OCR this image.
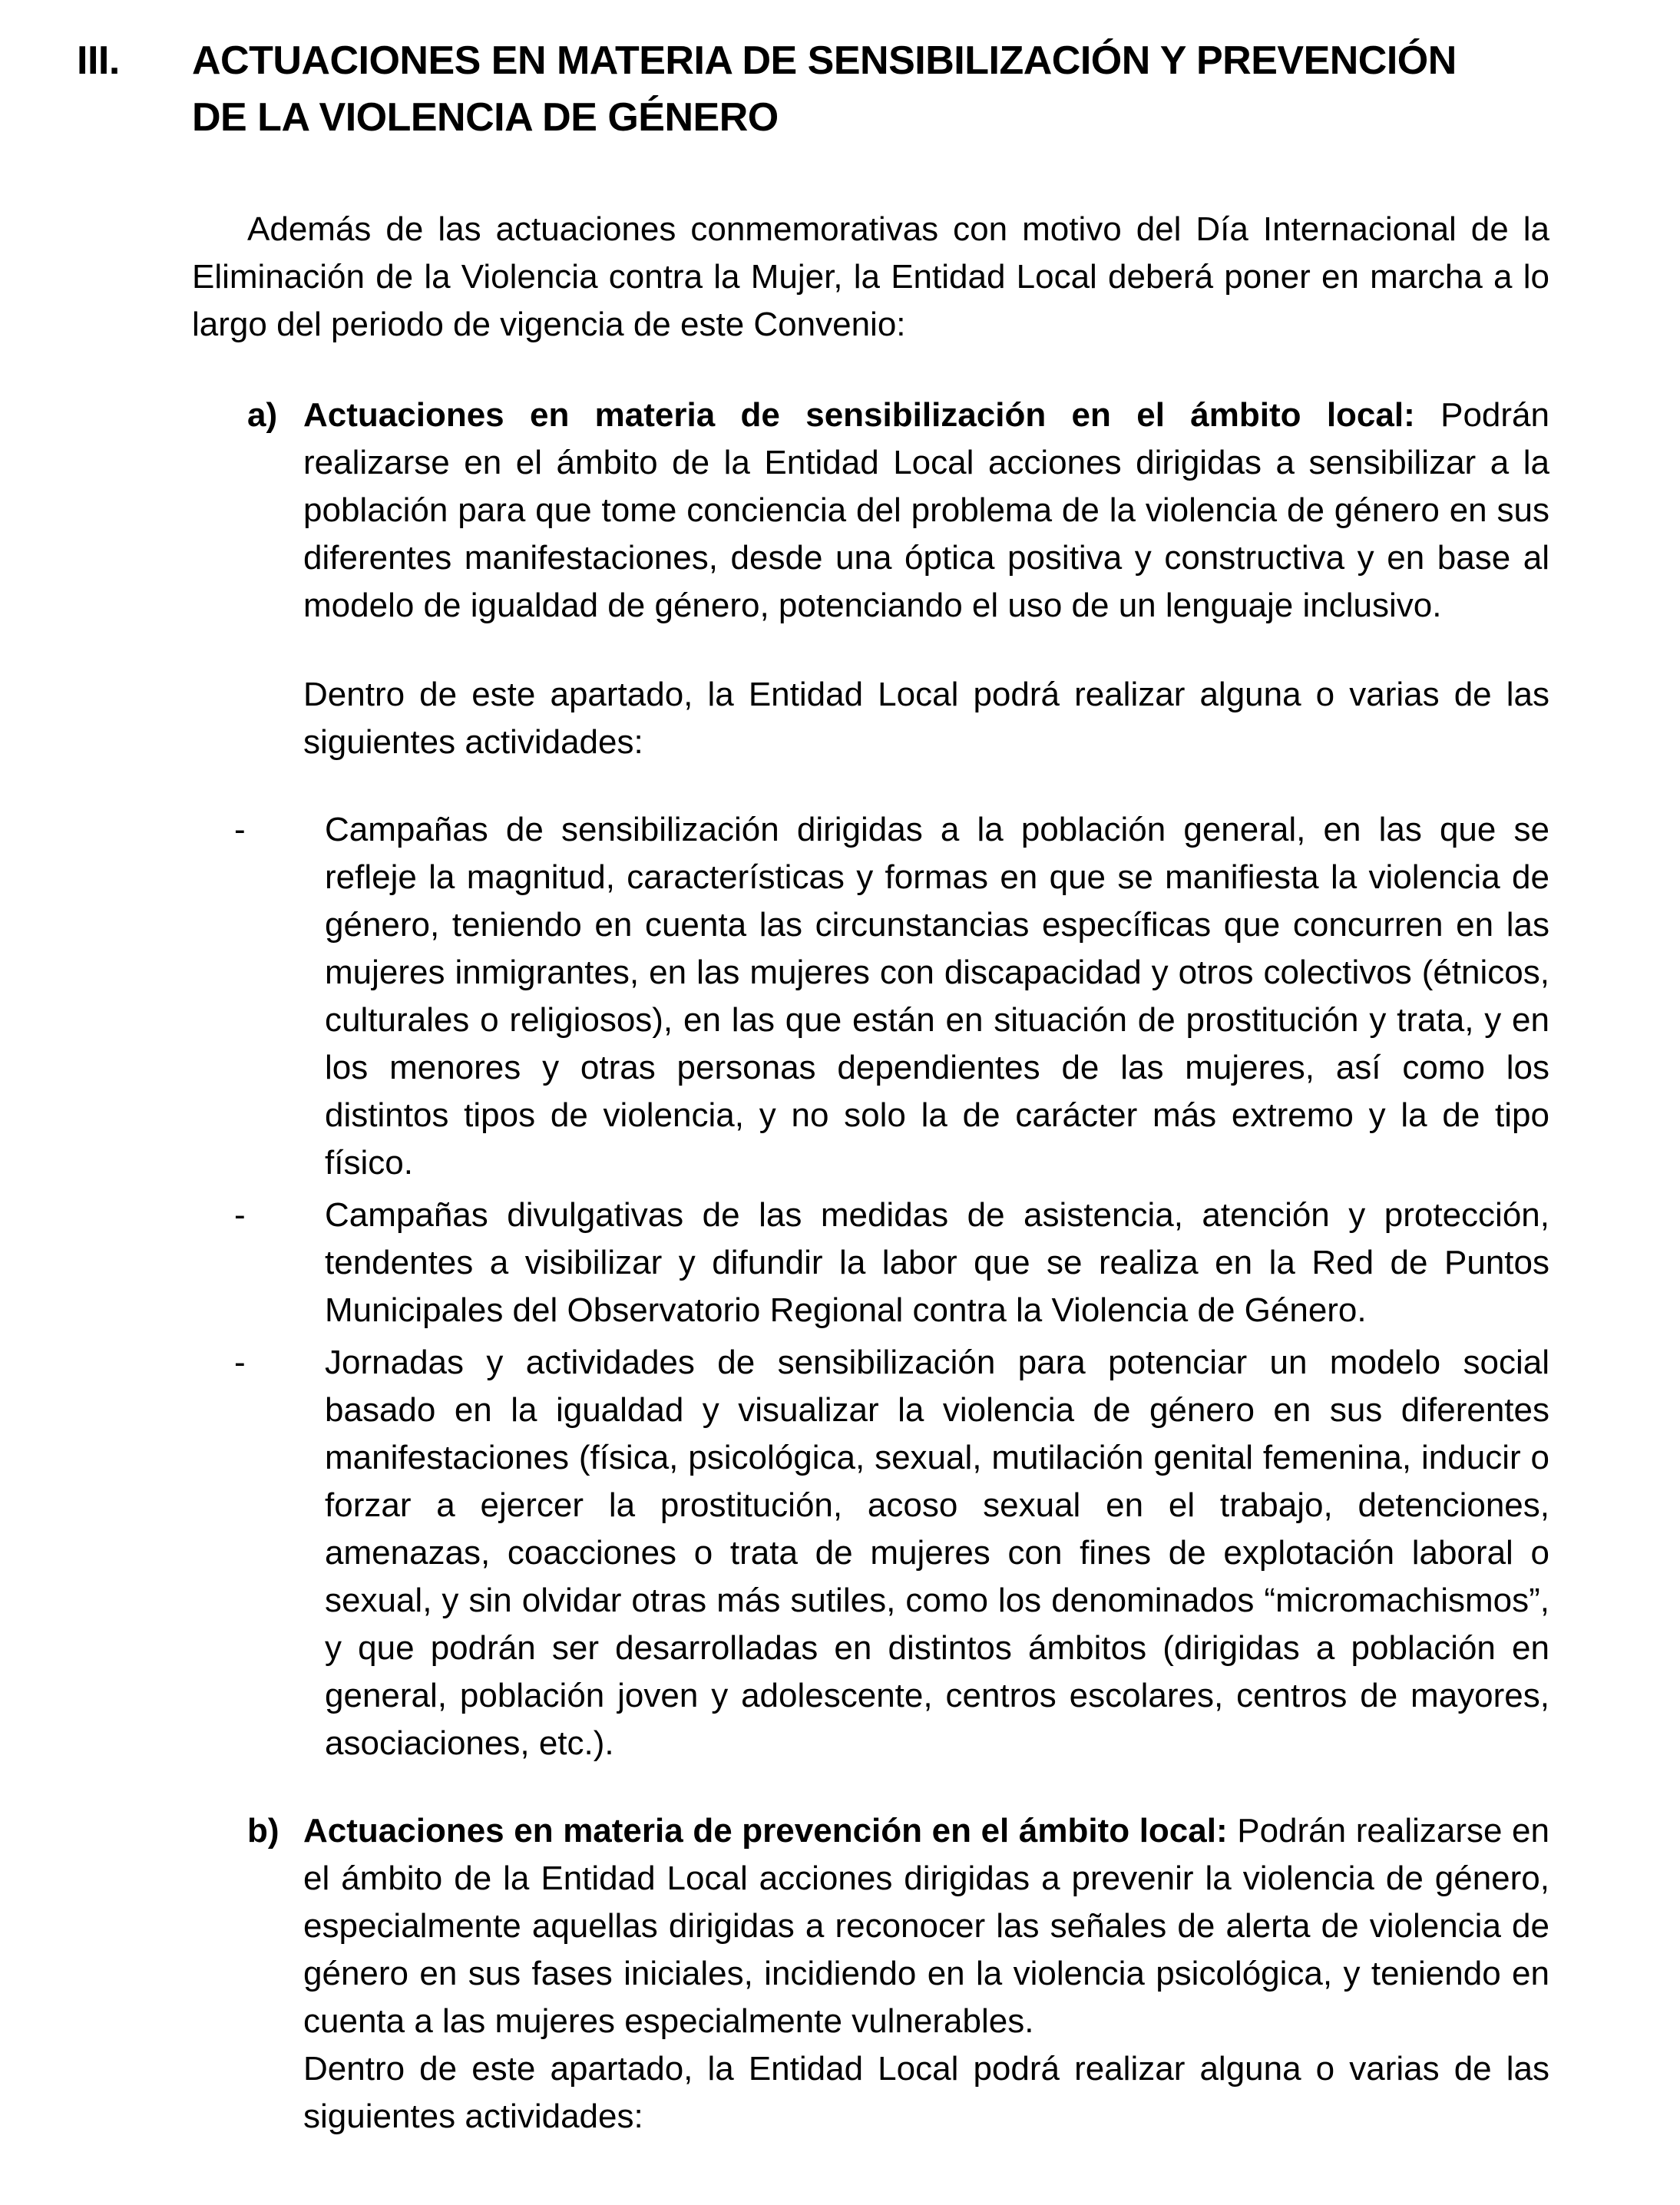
III.	ACTUACIONES EN MATERIA DE SENSIBILIZACIÓN Y PREVENCIÓN
DE LA VIOLENCIA DE GÉNERO

Además de las actuaciones conmemorativas con motivo del Día Internacional de la Eliminación de la Violencia contra la Mujer, la Entidad Local deberá poner en marcha a lo largo del periodo de vigencia de este Convenio:

a) Actuaciones en materia de sensibilización en el ámbito local: Podrán realizarse en el ámbito de la Entidad Local acciones dirigidas a sensibilizar a la población para que tome conciencia del problema de la violencia de género en sus diferentes manifestaciones, desde una óptica positiva y constructiva y en base al modelo de igualdad de género, potenciando el uso de un lenguaje inclusivo.

Dentro de este apartado, la Entidad Local podrá realizar alguna o varias de las siguientes actividades:

- Campañas de sensibilización dirigidas a la población general, en las que se refleje la magnitud, características y formas en que se manifiesta la violencia de género, teniendo en cuenta las circunstancias específicas que concurren en las mujeres inmigrantes, en las mujeres con discapacidad y otros colectivos (étnicos, culturales o religiosos), en las que están en situación de prostitución y trata, y en los menores y otras personas dependientes de las mujeres, así como los distintos tipos de violencia, y no solo la de carácter más extremo y la de tipo físico.
- Campañas divulgativas de las medidas de asistencia, atención y protección, tendentes a visibilizar y difundir la labor que se realiza en la Red de Puntos Municipales del Observatorio Regional contra la Violencia de Género.
- Jornadas y actividades de sensibilización para potenciar un modelo social basado en la igualdad y visualizar la violencia de género en sus diferentes manifestaciones (física, psicológica, sexual, mutilación genital femenina, inducir o forzar a ejercer la prostitución, acoso sexual en el trabajo, detenciones, amenazas, coacciones o trata de mujeres con fines de explotación laboral o sexual, y sin olvidar otras más sutiles, como los denominados “micromachismos”, y que podrán ser desarrolladas en distintos ámbitos (dirigidas a población en general, población joven y adolescente, centros escolares, centros de mayores, asociaciones, etc.).
b) Actuaciones en materia de prevención en el ámbito local: Podrán realizarse en el ámbito de la Entidad Local acciones dirigidas a prevenir la violencia de género, especialmente aquellas dirigidas a reconocer las señales de alerta de violencia de género en sus fases iniciales, incidiendo en la violencia psicológica, y teniendo en cuenta a las mujeres especialmente vulnerables.

Dentro de este apartado, la Entidad Local podrá realizar alguna o varias de las siguientes actividades:
